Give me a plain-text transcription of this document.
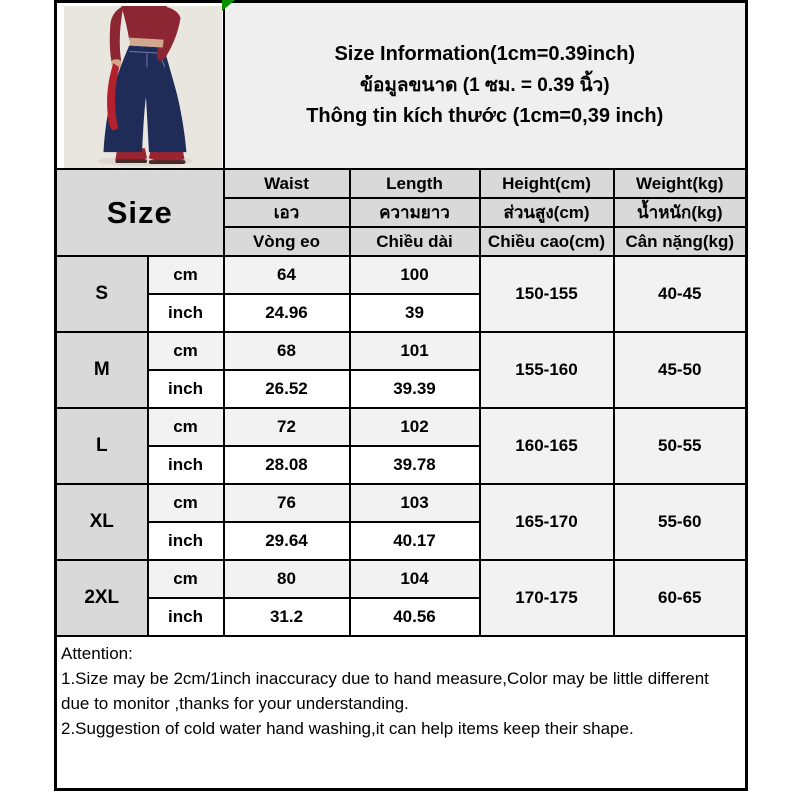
Size Information(1cm=0.39inch)
ข้อมูลขนาด (1 ซม. = 0.39 นิ้ว)
Thông tin kích thước (1cm=0,39 inch)			

Size		Waist	Length	Height(cm)	Weight(kg)
		เอว	ความยาว	ส่วนสูง(cm)	น้ำหนัก(kg)
		Vòng eo	Chiều dài	Chiều cao(cm)	Cân nặng(kg)
S	cm	64	100	150-155	40-45
	inch	24.96	39		
M	cm	68	101	155-160	45-50
	inch	26.52	39.39		
L	cm	72	102	160-165	50-55
	inch	28.08	39.78		
XL	cm	76	103	165-170	55-60
	inch	29.64	40.17		
2XL	cm	80	104	170-175	60-65
	inch	31.2	40.56		

Attention:
1.Size may be 2cm/1inch inaccuracy due to hand measure,Color may be little different due to monitor ,thanks for your understanding.
2.Suggestion of cold water hand washing,it can help items keep their shape.					
